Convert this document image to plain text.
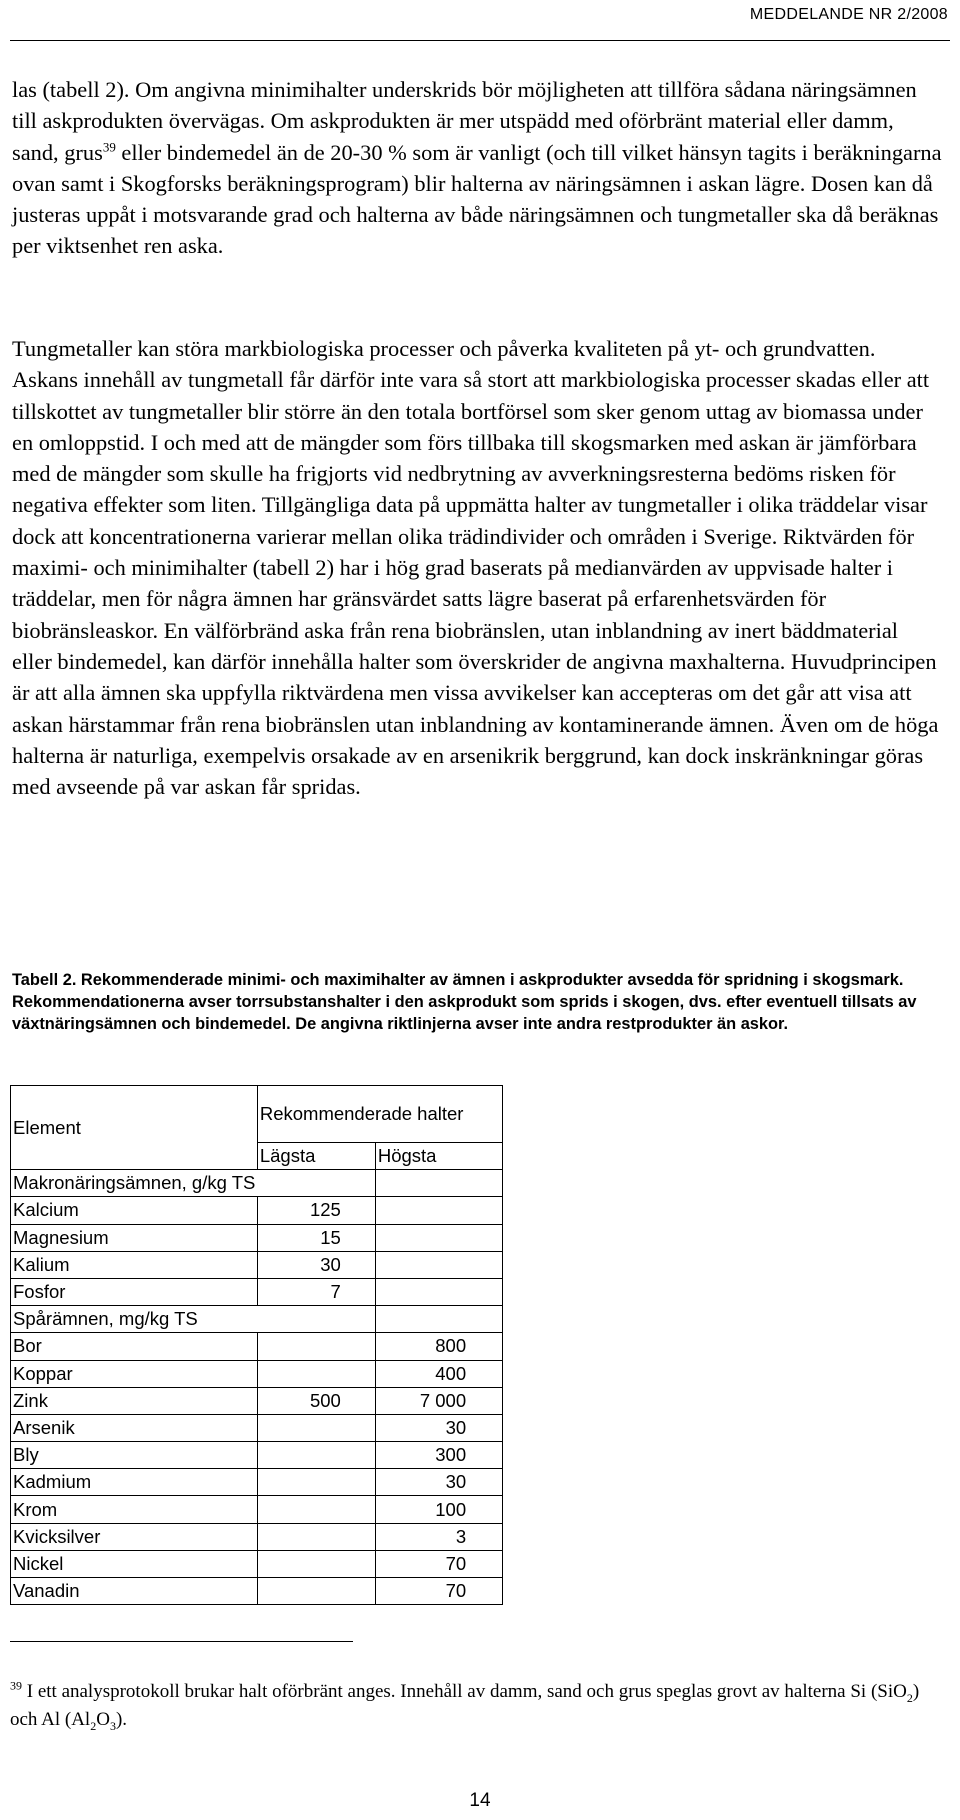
MEDDELANDE NR 2/2008

las (tabell 2). Om angivna minimihalter underskrids bör möjligheten att tillföra sådana näringsämnen till askprodukten övervägas. Om askprodukten är mer utspädd med oförbränt material eller damm, sand, grus$^{39}$ eller bindemedel än de 20-30 % som är vanligt (och till vilket hänsyn tagits i beräkningarna ovan samt i Skogforsks beräkningsprogram) blir halterna av näringsämnen i askan lägre. Dosen kan då justeras uppåt i motsvarande grad och halterna av både näringsämnen och tungmetaller ska då beräknas per viktsenhet ren aska.

Tungmetaller kan störa markbiologiska processer och påverka kvaliteten på yt- och grundvatten. Askans innehåll av tungmetall får därför inte vara så stort att markbiologiska processer skadas eller att tillskottet av tungmetaller blir större än den totala bortförsel som sker genom uttag av biomassa under en omloppstid. I och med att de mängder som förs tillbaka till skogsmarken med askan är jämförbara med de mängder som skulle ha frigjorts vid nedbrytning av avverkningsresterna bedöms risken för negativa effekter som liten. Tillgängliga data på uppmätta halter av tungmetaller i olika träddelar visar dock att koncentrationerna varierar mellan olika trädindivider och områden i Sverige. Riktvärden för maximi- och minimihalter (tabell 2) har i hög grad baserats på medianvärden av uppvisade halter i träddelar, men för några ämnen har gränsvärdet satts lägre baserat på erfarenhetsvärden för biobränsleaskor. En välförbränd aska från rena biobränslen, utan inblandning av inert bäddmaterial eller bindemedel, kan därför innehålla halter som överskrider de angivna maxhalterna. Huvudprincipen är att alla ämnen ska uppfylla riktvärdena men vissa avvikelser kan accepteras om det går att visa att askan härstammar från rena biobränslen utan inblandning av kontaminerande ämnen. Även om de höga halterna är naturliga, exempelvis orsakade av en arsenikrik berggrund, kan dock inskränkningar göras med avseende på var askan får spridas.

Tabell 2. Rekommenderade minimi- och maximihalter av ämnen i askprodukter avsedda för spridning i skogsmark. Rekommendationerna avser torrsubstanshalter i den askprodukt som sprids i skogen, dvs. efter eventuell tillsats av växtnäringsämnen och bindemedel. De angivna riktlinjerna avser inte andra restprodukter än askor.

Element	Rekommenderade halter	
	Lägsta	Högsta
Makronäringsämnen, g/kg TS		
Kalcium	125	
Magnesium	15	
Kalium	30	
Fosfor	7	
Spårämnen, mg/kg TS		
Bor		800
Koppar		400
Zink	500	7 000
Arsenik		30
Bly		300
Kadmium		30
Krom		100
Kvicksilver		3
Nickel		70
Vanadin		70

$^{39}$ I ett analysprotokoll brukar halt oförbränt anges. Innehåll av damm, sand och grus speglas grovt av halterna Si (SiO$_2$) och Al $(Al_2O_3)$.

14
